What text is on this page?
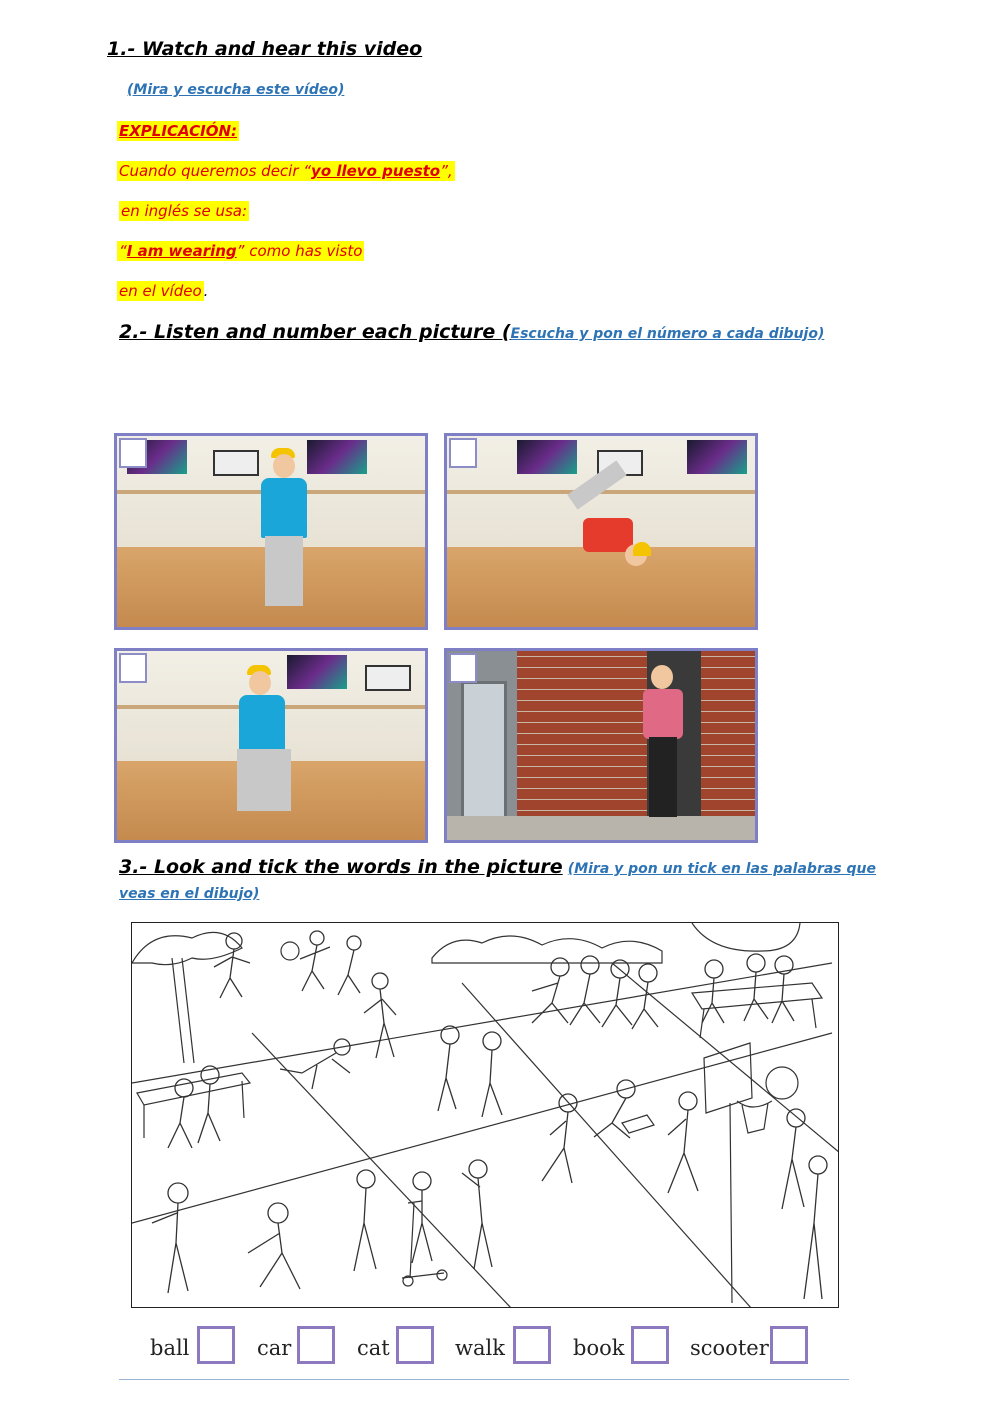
1.- Watch and hear this video
(Mira y escucha este vídeo)
EXPLICACIÓN:
Cuando queremos decir “yo llevo puesto”,
en inglés se usa:
“I am wearing” como has visto
en el vídeo .
2.- Listen and number each picture (Escucha y pon el número a cada dibujo)
3.- Look and tick the words in the picture (Mira y pon un tick en las palabras que veas en el dibujo)
ball	car	cat	walk	book	scooter
